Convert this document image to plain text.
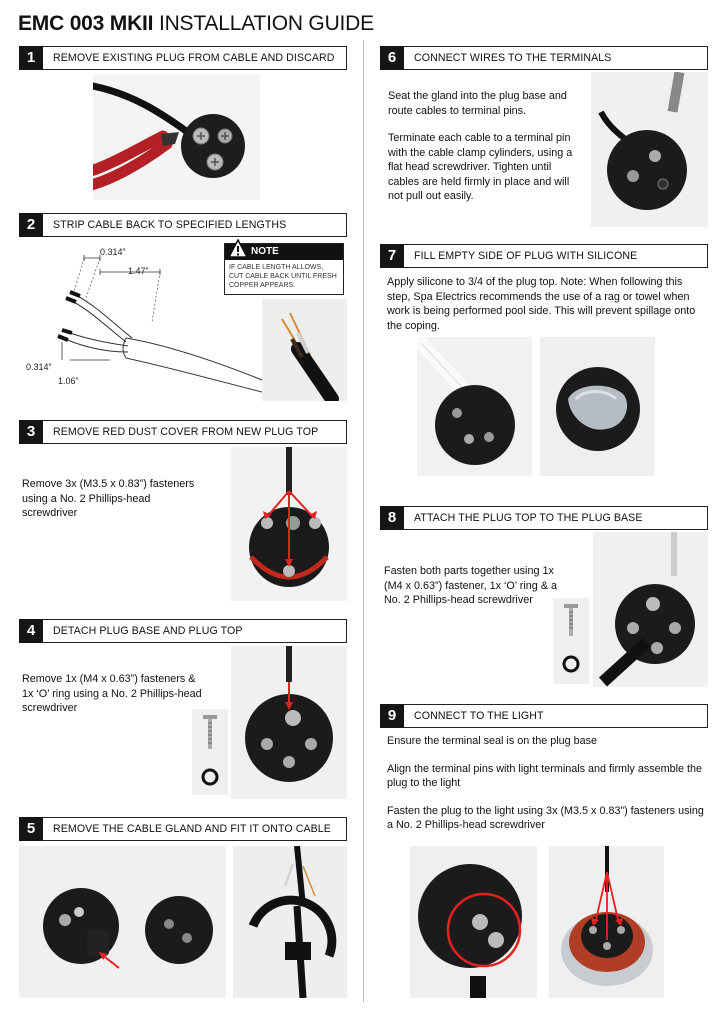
EMC 003 MKII INSTALLATION GUIDE
1	REMOVE EXISTING PLUG FROM CABLE AND DISCARD
2	STRIP CABLE BACK TO SPECIFIED LENGTHS
3	REMOVE RED DUST COVER FROM NEW PLUG TOP
4	DETACH PLUG BASE AND PLUG TOP
5	REMOVE THE CABLE GLAND AND FIT IT ONTO CABLE
6	CONNECT WIRES TO THE TERMINALS
7	FILL EMPTY SIDE OF PLUG WITH SILICONE
8	ATTACH THE PLUG TOP TO THE PLUG BASE
9	CONNECT TO THE LIGHT
0.314”
1.47”
0.314”
1.06”
NOTE
IF CABLE LENGTH ALLOWS, CUT CABLE BACK UNTIL FRESH COPPER APPEARS.
Remove 3x (M3.5 x 0.83”) fasteners using a No. 2 Phillips-head screwdriver
Remove 1x (M4 x 0.63”) fasteners & 1x ‘O’ ring using a No. 2 Phillips-head screwdriver

Seat the gland into the plug base and route cables to terminal pins.

Terminate each cable to a terminal pin with the cable clamp cylinders, using a flat head screwdriver. Tighten until cables are held firmly in place and will not pull out easily.

Apply silicone to 3/4 of the plug top. Note: When following this step, Spa Electrics recommends the use of a rag or towel when work is being performed pool side. This will prevent spillage onto the coping.
Fasten both parts together using 1x (M4 x 0.63”) fastener, 1x ‘O’ ring & a No. 2 Phillips-head screwdriver

Ensure the terminal seal is on the plug base

Align the terminal pins with light terminals and firmly assemble the plug to the light

Fasten the plug to the light using 3x (M3.5 x 0.83”) fasteners using a No. 2 Phillips-head screwdriver
